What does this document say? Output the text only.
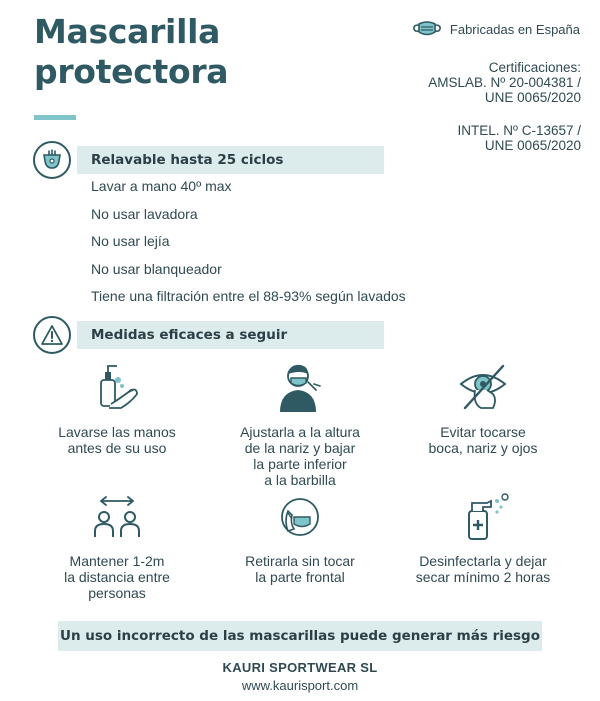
Mascarilla
protectora
Fabricadas en España
Certificaciones:
AMSLAB. Nº 20-004381 /
UNE 0065/2020
INTEL. Nº C-13657 /
UNE 0065/2020
Relavable hasta 25 ciclos
Lavar a mano 40º max
No usar lavadora
No usar lejía
No usar blanqueador
Tiene una filtración entre el 88-93% según lavados
Medidas eficaces a seguir
Lavarse las manos
antes de su uso
Ajustarla a la altura
de la nariz y bajar
la parte inferior
a la barbilla
Evitar tocarse
boca, nariz y ojos
Mantener 1-2m
la distancia entre
personas
Retirarla sin tocar
la parte frontal
Desinfectarla y dejar
secar mínimo 2 horas
Un uso incorrecto de las mascarillas puede generar más riesgo
KAURI SPORTWEAR SL
www.kaurisport.com
